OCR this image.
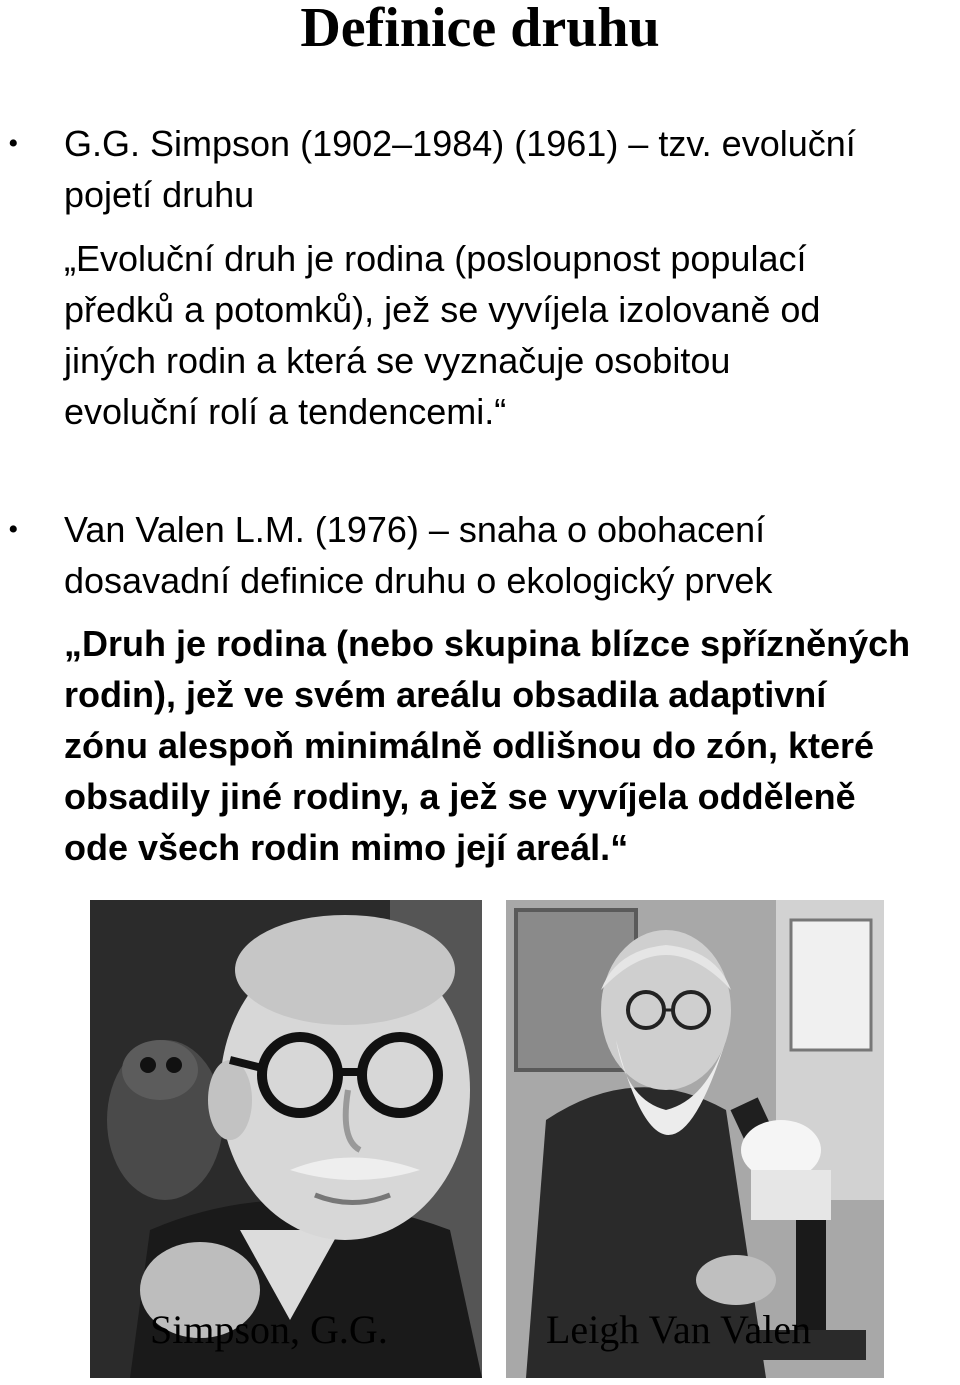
Definice druhu
• G.G. Simpson (1902–1984) (1961) – tzv. evoluční
pojetí druhu

„Evoluční druh je rodina (posloupnost populací
předků a potomků), jež se vyvíjela izolovaně od
jiných rodin a která se vyznačuje osobitou
evoluční rolí a tendencemi.“

• Van Valen L.M. (1976) – snaha o obohacení
dosavadní definice druhu o ekologický prvek

„Druh je rodina (nebo skupina blízce spřízněných
rodin), jež ve svém areálu obsadila adaptivní
zónu alespoň minimálně odlišnou do zón, které
obsadily jiné rodiny, a jež se vyvíjela odděleně
ode všech rodin mimo její areál.“

Simpson, G.G.	Leigh Van Valen
